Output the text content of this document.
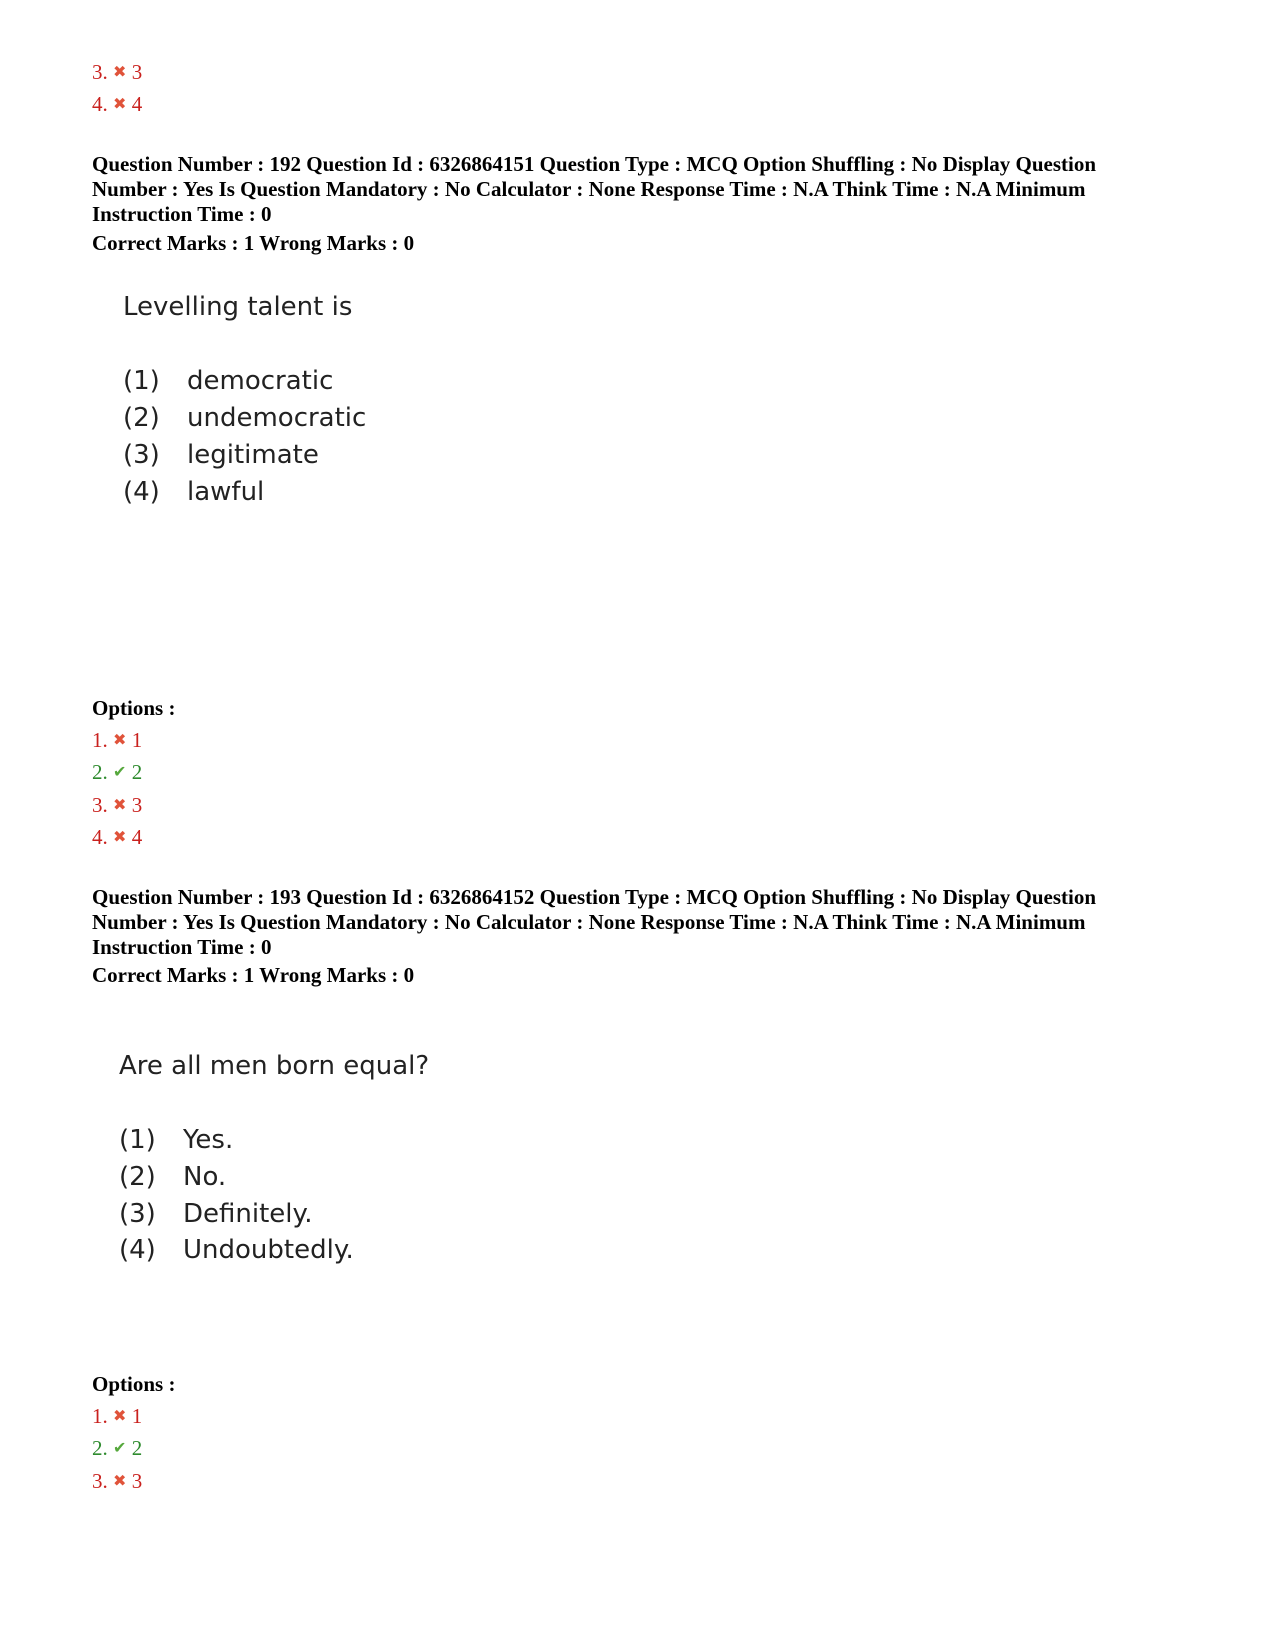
3. ✖ 3
4. ✖ 4
Question Number : 192 Question Id : 6326864151 Question Type : MCQ Option Shuffling : No Display Question
Number : Yes Is Question Mandatory : No Calculator : None Response Time : N.A Think Time : N.A Minimum
Instruction Time : 0
Correct Marks : 1 Wrong Marks : 0
Levelling talent is
(1) democratic
(2) undemocratic
(3) legitimate
(4) lawful
Options :
1. ✖ 1
2. ✔ 2
3. ✖ 3
4. ✖ 4
Question Number : 193 Question Id : 6326864152 Question Type : MCQ Option Shuffling : No Display Question
Number : Yes Is Question Mandatory : No Calculator : None Response Time : N.A Think Time : N.A Minimum
Instruction Time : 0
Correct Marks : 1 Wrong Marks : 0
Are all men born equal?
(1) Yes.
(2) No.
(3) Definitely.
(4) Undoubtedly.
Options :
1. ✖ 1
2. ✔ 2
3. ✖ 3
